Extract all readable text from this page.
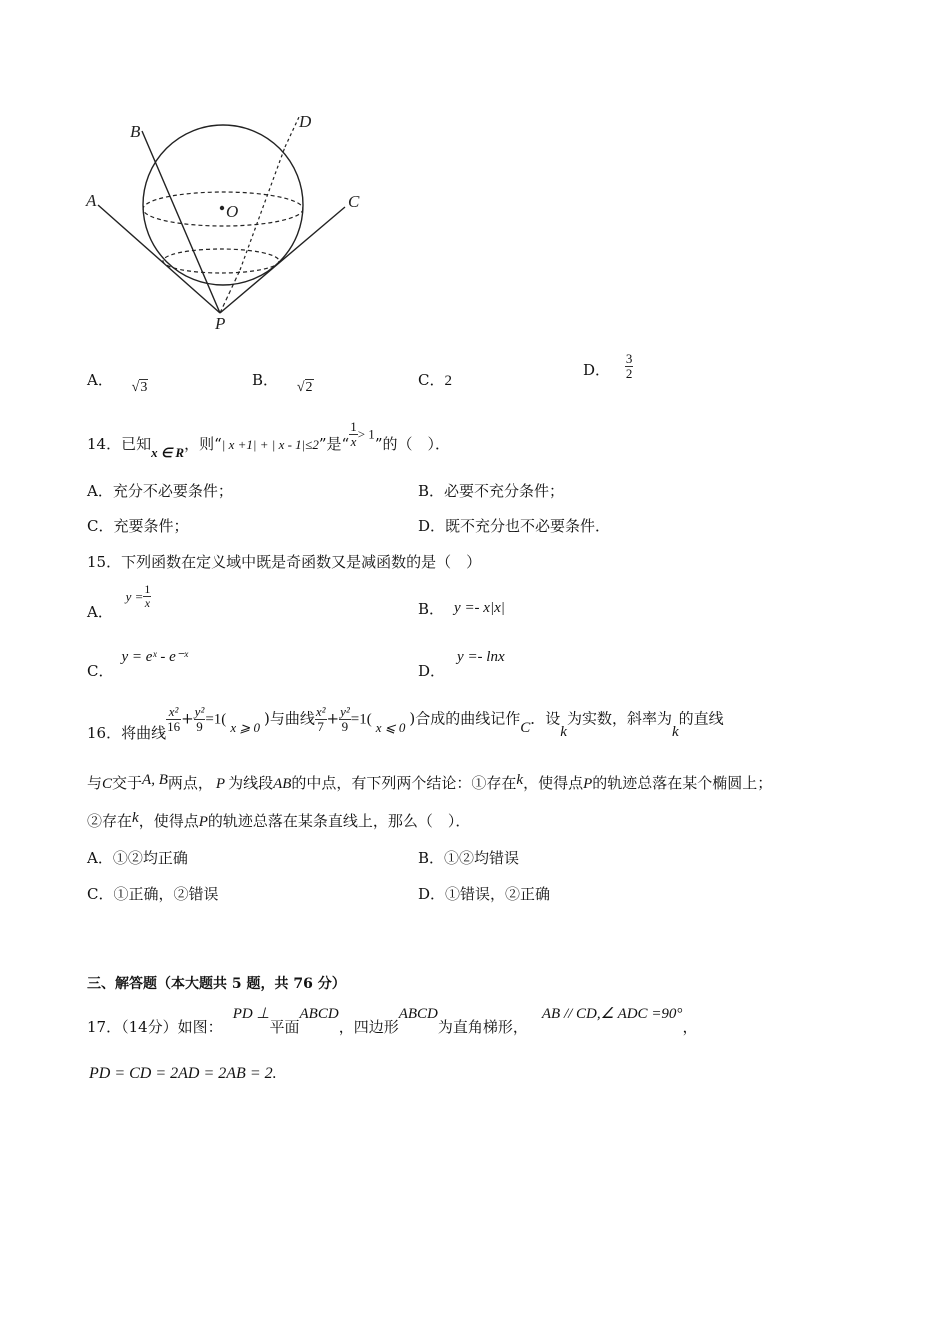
A
B
C
D
O
P
A． √3	B． √2	C．2
D． $\frac{3}{2}$
14．已知x ∈ R，则“| x +1| + | x - 1|≤2”是“ $\frac{1}{x} > 1$”的（　）．
A．充分不必要条件；	B．必要不充分条件；
C．充要条件；	D．既不充分也不必要条件．
15．下列函数在定义域中既是奇函数又是减函数的是（　）
A． $y = \frac{1}{x}$	B． y =- x|x|
C．y = eˣ - e⁻ˣ
D．y =- lnx
16．将曲线 $\frac{\text{x²}}{16} + \frac{\text{y²}}{9} =1$( x ⩾ 0 )与曲线 $\frac{\text{x²}}{7} + \frac{\text{y²}}{9} =1$( x ⩽ 0 )合成的曲线记作C．设k为实数，斜率为k的直线
与C交于A, B两点， P 为线段AB的中点，有下列两个结论：①存在k，使得点P的轨迹总落在某个椭圆上；
②存在k，使得点P的轨迹总落在某条直线上，那么（　）．
A．①②均正确	B．①②均错误
C．①正确，②错误	D．①错误，②正确
三、解答题（本大题共 5 题，共 76 分）
17．（14分）如图：PD ⊥平面ABCD，四边形ABCD为直角梯形，AB // CD,∠ ADC =90°，
PD = CD = 2AD = 2AB = 2.
